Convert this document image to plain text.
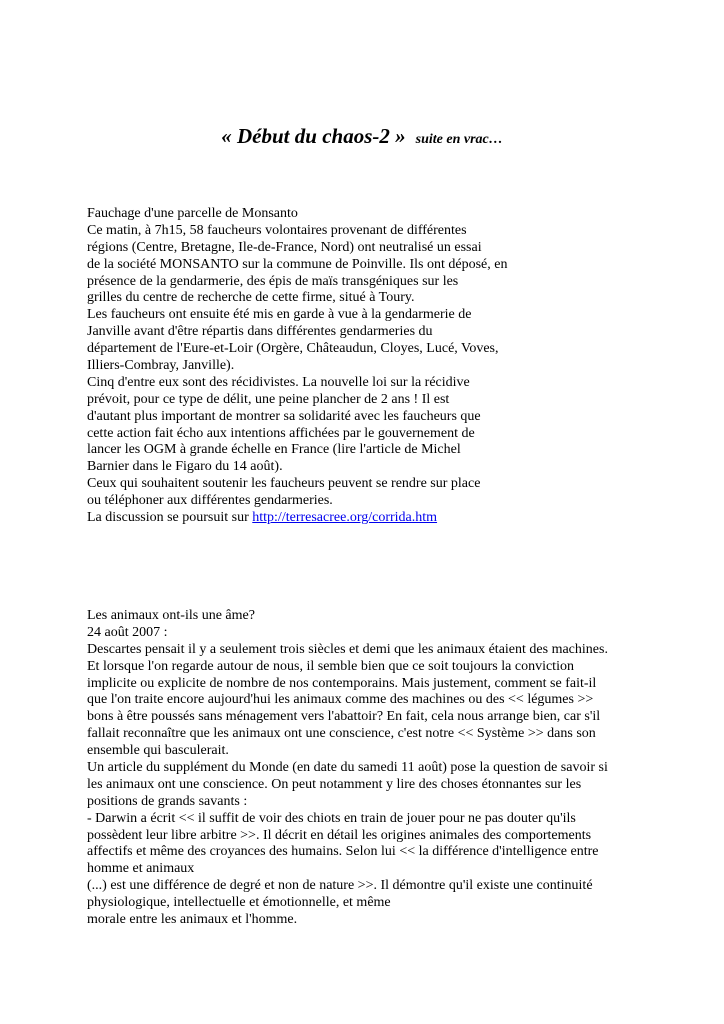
« Début du chaos-2 » suite en vrac…
Fauchage d'une parcelle de Monsanto
Ce matin, à 7h15, 58 faucheurs volontaires provenant de différentes
régions (Centre, Bretagne, Ile-de-France, Nord) ont neutralisé un essai
de la société MONSANTO sur la commune de Poinville. Ils ont déposé, en
présence de la gendarmerie, des épis de maïs transgéniques sur les
grilles du centre de recherche de cette firme, situé à Toury.
Les faucheurs ont ensuite été mis en garde à vue à la gendarmerie de
Janville avant d'être répartis dans différentes gendarmeries du
département de l'Eure-et-Loir (Orgère, Châteaudun, Cloyes, Lucé, Voves,
Illiers-Combray, Janville).
Cinq d'entre eux sont des récidivistes. La nouvelle loi sur la récidive
prévoit, pour ce type de délit, une peine plancher de 2 ans ! Il est
d'autant plus important de montrer sa solidarité avec les faucheurs que
cette action fait écho aux intentions affichées par le gouvernement de
lancer les OGM à grande échelle en France (lire l'article de Michel
Barnier dans le Figaro du 14 août).
Ceux qui souhaitent soutenir les faucheurs peuvent se rendre sur place
ou téléphoner aux différentes gendarmeries.
La discussion se poursuit sur http://terresacree.org/corrida.htm
Les animaux ont-ils une âme?
24 août 2007 :
Descartes pensait il y a seulement trois siècles et demi que les animaux étaient des machines.
Et lorsque l'on regarde autour de nous, il semble bien que ce soit toujours la conviction
implicite ou explicite de nombre de nos contemporains. Mais justement, comment se fait-il
que l'on traite encore aujourd'hui les animaux comme des machines ou des << légumes >>
bons à être poussés sans ménagement vers l'abattoir? En fait, cela nous arrange bien, car s'il
fallait reconnaître que les animaux ont une conscience, c'est notre << Système >> dans son
ensemble qui basculerait.
Un article du supplément du Monde (en date du samedi 11 août) pose la question de savoir si
les animaux ont une conscience. On peut notamment y lire des choses étonnantes sur les
positions de grands savants :
- Darwin a écrit << il suffit de voir des chiots en train de jouer pour ne pas douter qu'ils
possèdent leur libre arbitre >>. Il décrit en détail les origines animales des comportements
affectifs et même des croyances des humains. Selon lui << la différence d'intelligence entre
homme et animaux
(...) est une différence de degré et non de nature >>. Il démontre qu'il existe une continuité
physiologique, intellectuelle et émotionnelle, et même
morale entre les animaux et l'homme.
